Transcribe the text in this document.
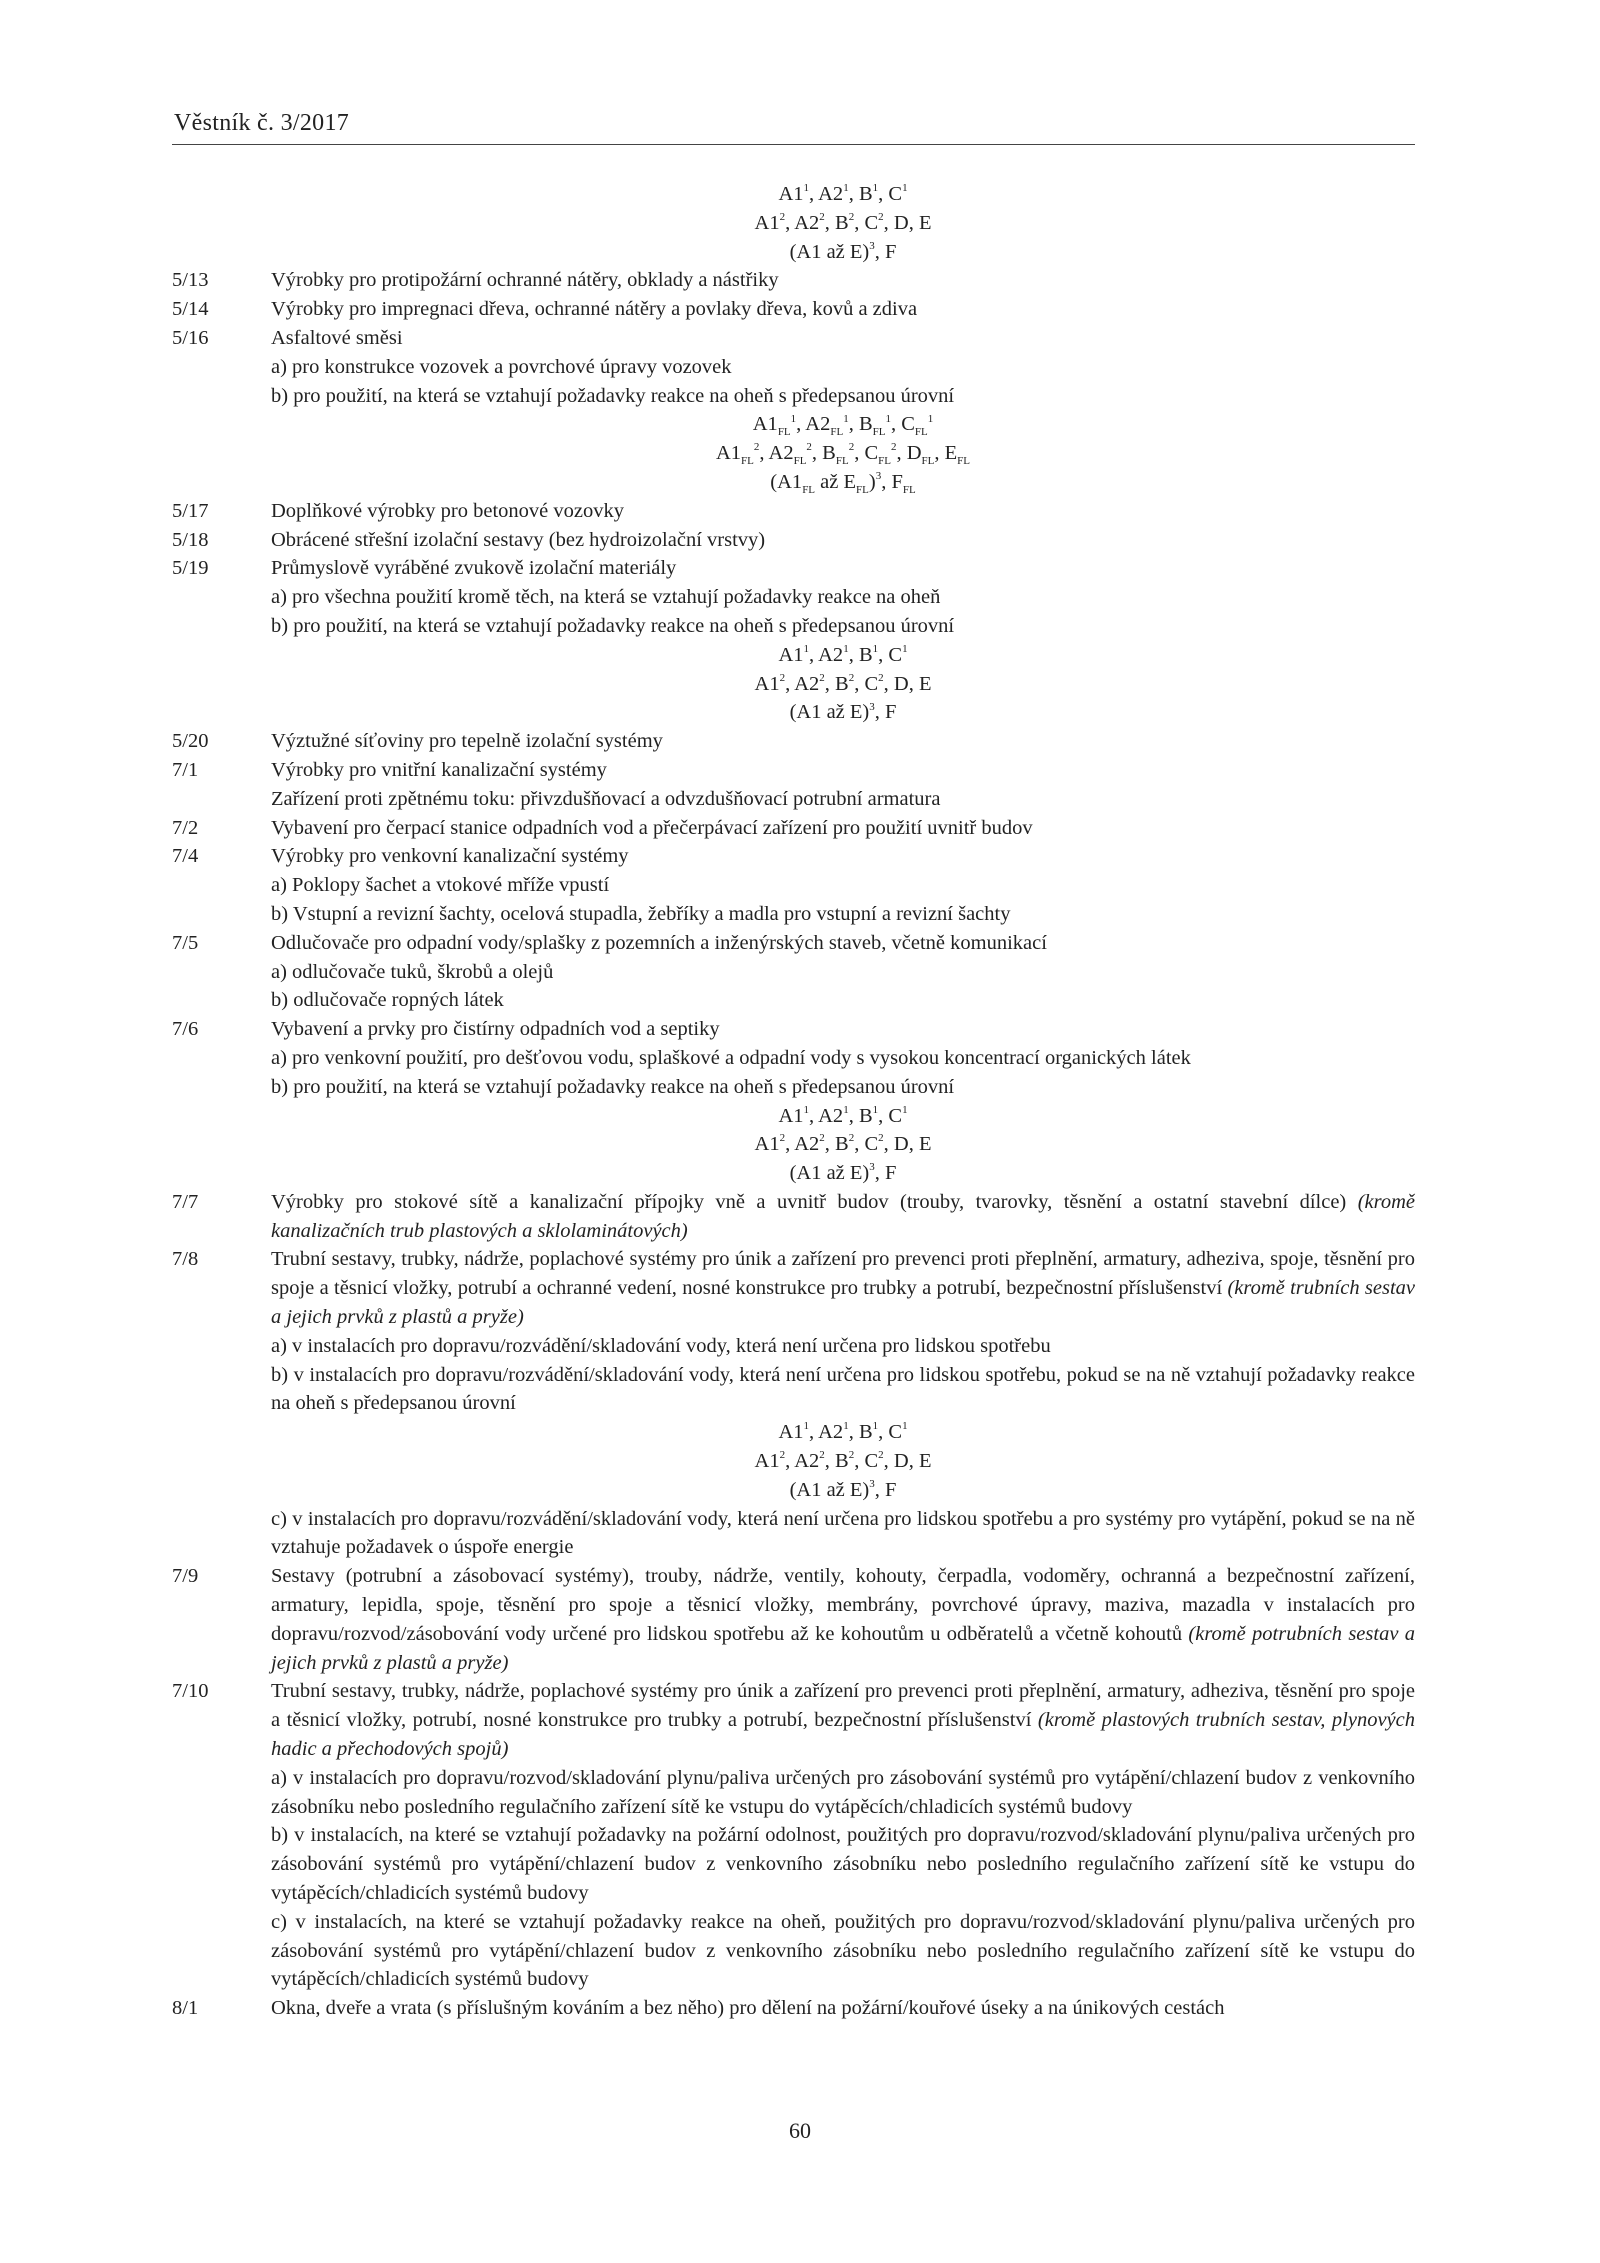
Věstník č. 3/2017
$A1^1$, $A2^1$, $B^1$, $C^1$
$A1^2$, $A2^2$, $B^2$, $C^2$, D, E
(A1 až E)$^3$, F
5/13	Výrobky pro protipožární ochranné nátěry, obklady a nástřiky
5/14	Výrobky pro impregnaci dřeva, ochranné nátěry a povlaky dřeva, kovů a zdiva
5/16	Asfaltové směsi
a) pro konstrukce vozovek a povrchové úpravy vozovek
b) pro použití, na která se vztahují požadavky reakce na oheň s předepsanou úrovní
$A1_{FL}^1$, $A2_{FL}^1$, $B_{FL}^1$, $C_{FL}^1$
$A1_{FL}^2$, $A2_{FL}^2$, $B_{FL}^2$, $C_{FL}^2$, $D_{FL}$, $E_{FL}$
($A1_{FL}$ až $E_{FL})^3$, $F_{FL}$
5/17	Doplňkové výrobky pro betonové vozovky
5/18	Obrácené střešní izolační sestavy (bez hydroizolační vrstvy)
5/19	Průmyslově vyráběné zvukově izolační materiály
a) pro všechna použití kromě těch, na která se vztahují požadavky reakce na oheň
b) pro použití, na která se vztahují požadavky reakce na oheň s předepsanou úrovní
$A1^1$, $A2^1$, $B^1$, $C^1$
$A1^2$, $A2^2$, $B^2$, $C^2$, D, E
(A1 až E)$^3$, F
5/20	Výztužné síťoviny pro tepelně izolační systémy
7/1	Výrobky pro vnitřní kanalizační systémy
Zařízení proti zpětnému toku: přivzdušňovací a odvzdušňovací potrubní armatura
7/2	Vybavení pro čerpací stanice odpadních vod a přečerpávací zařízení pro použití uvnitř budov
7/4	Výrobky pro venkovní kanalizační systémy
a) Poklopy šachet a vtokové mříže vpustí
b) Vstupní a revizní šachty, ocelová stupadla, žebříky a madla pro vstupní a revizní šachty
7/5	Odlučovače pro odpadní vody/splašky z pozemních a inženýrských staveb, včetně komunikací
a) odlučovače tuků, škrobů a olejů
b) odlučovače ropných látek
7/6	Vybavení a prvky pro čistírny odpadních vod a septiky
a) pro venkovní použití, pro dešťovou vodu, splaškové a odpadní vody s vysokou koncentrací organických látek
b) pro použití, na která se vztahují požadavky reakce na oheň s předepsanou úrovní
$A1^1$, $A2^1$, $B^1$, $C^1$
$A1^2$, $A2^2$, $B^2$, $C^2$, D, E
(A1 až E)$^3$, F
7/7	Výrobky pro stokové sítě a kanalizační přípojky vně a uvnitř budov (trouby, tvarovky, těsnění a ostatní stavební dílce) (kromě kanalizačních trub plastových a sklolaminátových)
7/8	Trubní sestavy, trubky, nádrže, poplachové systémy pro únik a zařízení pro prevenci proti přeplnění, armatury, adheziva, spoje, těsnění pro spoje a těsnicí vložky, potrubí a ochranné vedení, nosné konstrukce pro trubky a potrubí, bezpečnostní příslušenství (kromě trubních sestav a jejich prvků z plastů a pryže)
a) v instalacích pro dopravu/rozvádění/skladování vody, která není určena pro lidskou spotřebu
b) v instalacích pro dopravu/rozvádění/skladování vody, která není určena pro lidskou spotřebu, pokud se na ně vztahují požadavky reakce na oheň s předepsanou úrovní
$A1^1$, $A2^1$, $B^1$, $C^1$
$A1^2$, $A2^2$, $B^2$, $C^2$, D, E
(A1 až E)$^3$, F
c) v instalacích pro dopravu/rozvádění/skladování vody, která není určena pro lidskou spotřebu a pro systémy pro vytápění, pokud se na ně vztahuje požadavek o úspoře energie
7/9	Sestavy (potrubní a zásobovací systémy), trouby, nádrže, ventily, kohouty, čerpadla, vodoměry, ochranná a bezpečnostní zařízení, armatury, lepidla, spoje, těsnění pro spoje a těsnicí vložky, membrány, povrchové úpravy, maziva, mazadla v instalacích pro dopravu/rozvod/zásobování vody určené pro lidskou spotřebu až ke kohoutům u odběratelů a včetně kohoutů (kromě potrubních sestav a jejich prvků z plastů a pryže)
7/10	Trubní sestavy, trubky, nádrže, poplachové systémy pro únik a zařízení pro prevenci proti přeplnění, armatury, adheziva, těsnění pro spoje a těsnicí vložky, potrubí, nosné konstrukce pro trubky a potrubí, bezpečnostní příslušenství (kromě plastových trubních sestav, plynových hadic a přechodových spojů)
a) v instalacích pro dopravu/rozvod/skladování plynu/paliva určených pro zásobování systémů pro vytápění/chlazení budov z venkovního zásobníku nebo posledního regulačního zařízení sítě ke vstupu do vytápěcích/chladicích systémů budovy
b) v instalacích, na které se vztahují požadavky na požární odolnost, použitých pro dopravu/rozvod/skladování plynu/paliva určených pro zásobování systémů pro vytápění/chlazení budov z venkovního zásobníku nebo posledního regulačního zařízení sítě ke vstupu do vytápěcích/chladicích systémů budovy
c) v instalacích, na které se vztahují požadavky reakce na oheň, použitých pro dopravu/rozvod/skladování plynu/paliva určených pro zásobování systémů pro vytápění/chlazení budov z venkovního zásobníku nebo posledního regulačního zařízení sítě ke vstupu do vytápěcích/chladicích systémů budovy
8/1	Okna, dveře a vrata (s příslušným kováním a bez něho) pro dělení na požární/kouřové úseky a na únikových cestách
60
